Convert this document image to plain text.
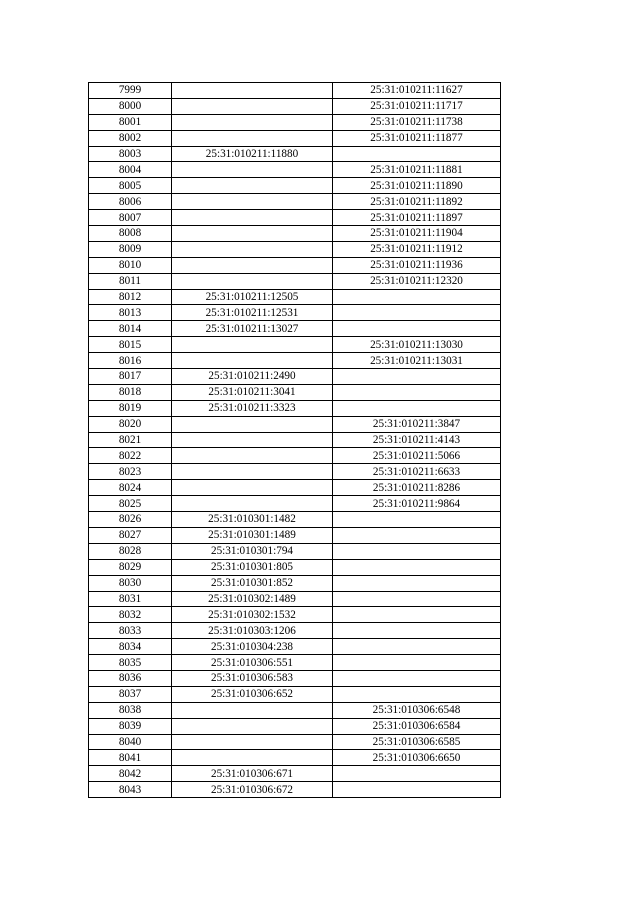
7999		25:31:010211:11627
8000		25:31:010211:11717
8001		25:31:010211:11738
8002		25:31:010211:11877
8003	25:31:010211:11880	
8004		25:31:010211:11881
8005		25:31:010211:11890
8006		25:31:010211:11892
8007		25:31:010211:11897
8008		25:31:010211:11904
8009		25:31:010211:11912
8010		25:31:010211:11936
8011		25:31:010211:12320
8012	25:31:010211:12505	
8013	25:31:010211:12531	
8014	25:31:010211:13027	
8015		25:31:010211:13030
8016		25:31:010211:13031
8017	25:31:010211:2490	
8018	25:31:010211:3041	
8019	25:31:010211:3323	
8020		25:31:010211:3847
8021		25:31:010211:4143
8022		25:31:010211:5066
8023		25:31:010211:6633
8024		25:31:010211:8286
8025		25:31:010211:9864
8026	25:31:010301:1482	
8027	25:31:010301:1489	
8028	25:31:010301:794	
8029	25:31:010301:805	
8030	25:31:010301:852	
8031	25:31:010302:1489	
8032	25:31:010302:1532	
8033	25:31:010303:1206	
8034	25:31:010304:238	
8035	25:31:010306:551	
8036	25:31:010306:583	
8037	25:31:010306:652	
8038		25:31:010306:6548
8039		25:31:010306:6584
8040		25:31:010306:6585
8041		25:31:010306:6650
8042	25:31:010306:671	
8043	25:31:010306:672	
